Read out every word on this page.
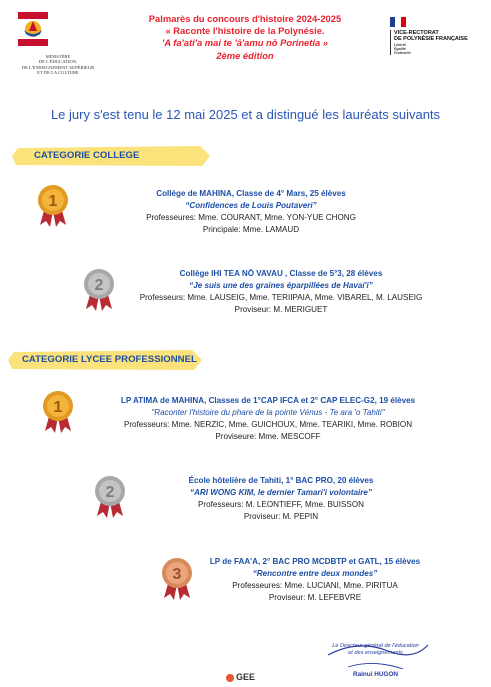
MINISTÈRE
DE L'ÉDUCATION,
DE L'ENSEIGNEMENT SUPÉRIEUR
ET DE LA CULTURE
Palmarès du concours d'histoire 2024-2025
« Raconte l'histoire de la Polynésie.
'A fa'ati'a mai te 'ā'amu nō Porinetia »
2ème édition
VICE-RECTORAT
DE POLYNÉSIE FRANÇAISE
Liberté
Égalité
Fraternité
Le jury s'est tenu le 12 mai 2025 et a distingué les lauréats suivants
CATEGORIE COLLEGE
1	Collège de MAHINA, Classe de 4° Mars, 25 élèves
“Confidences de Louis Poutaveri”
Professeures: Mme. COURANT, Mme. YON-YUE CHONG
Principale: Mme. LAMAUD
2
Collège IHI TEA NŌ VAVAU , Classe de 5°3, 28 élèves
“Je suis une des graines éparpillées de Havai'i”
Professeurs: Mme. LAUSEIG, Mme. TERIIPAIA, Mme. VIBAREL, M. LAUSEIG
Proviseur: M. MERIGUET
CATEGORIE LYCEE PROFESSIONNEL
1	LP ATIMA de MAHINA, Classes de 1°CAP IFCA et 2° CAP ELEC-G2, 19 élèves
"Raconter l'histoire du phare de la pointe Vénus - Te ara 'o Tahiti"
Professeurs: Mme. NERZIC, Mme. GUICHOUX, Mme. TEARIKI, Mme. ROBION
Proviseure: Mme. MESCOFF
2
École hôtelière de Tahiti, 1° BAC PRO, 20 élèves
“ARI WONG KIM, le dernier Tamari'i volontaire”
Professeurs: M. LEONTIEFF, Mme. BUISSON
Proviseur: M. PEPIN
3
LP de FAA'A, 2° BAC PRO MCDBTP et GATL, 15 élèves
“Rencontre entre deux mondes”
Professeures: Mme. LUCIANI, Mme. PIRITUA
Proviseur: M. LEFEBVRE
Le Directeur général de l'éducation
et des enseignements
Ralnui HUGON
GEE
